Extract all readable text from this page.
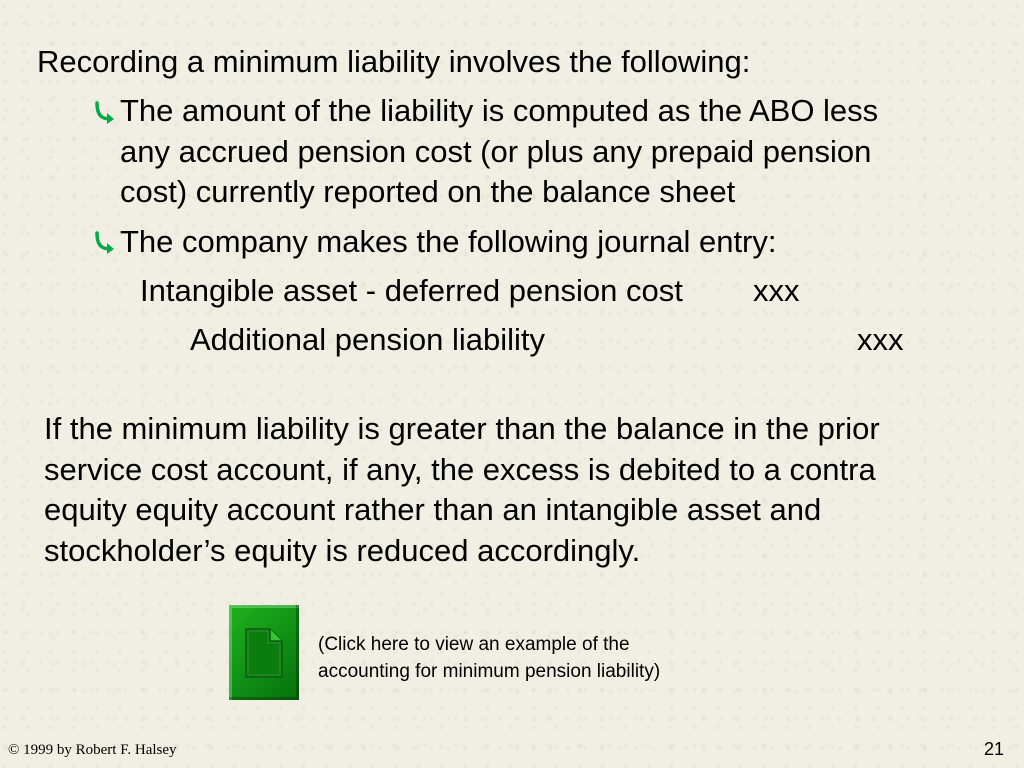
Recording a minimum liability involves the following:
The amount of the liability is computed as the ABO less
any accrued pension cost (or plus any prepaid pension
cost) currently reported on the balance sheet
The company makes the following journal entry:
Intangible asset - deferred pension cost xxx
Additional pension liability	xxx
If the minimum liability is greater than the balance in the prior
service cost account, if any, the excess is debited to a contra
equity equity account rather than an intangible asset and
stockholder’s equity is reduced accordingly.
(Click here to view an example of the
accounting for minimum pension liability)
© 1999 by Robert F. Halsey	21
